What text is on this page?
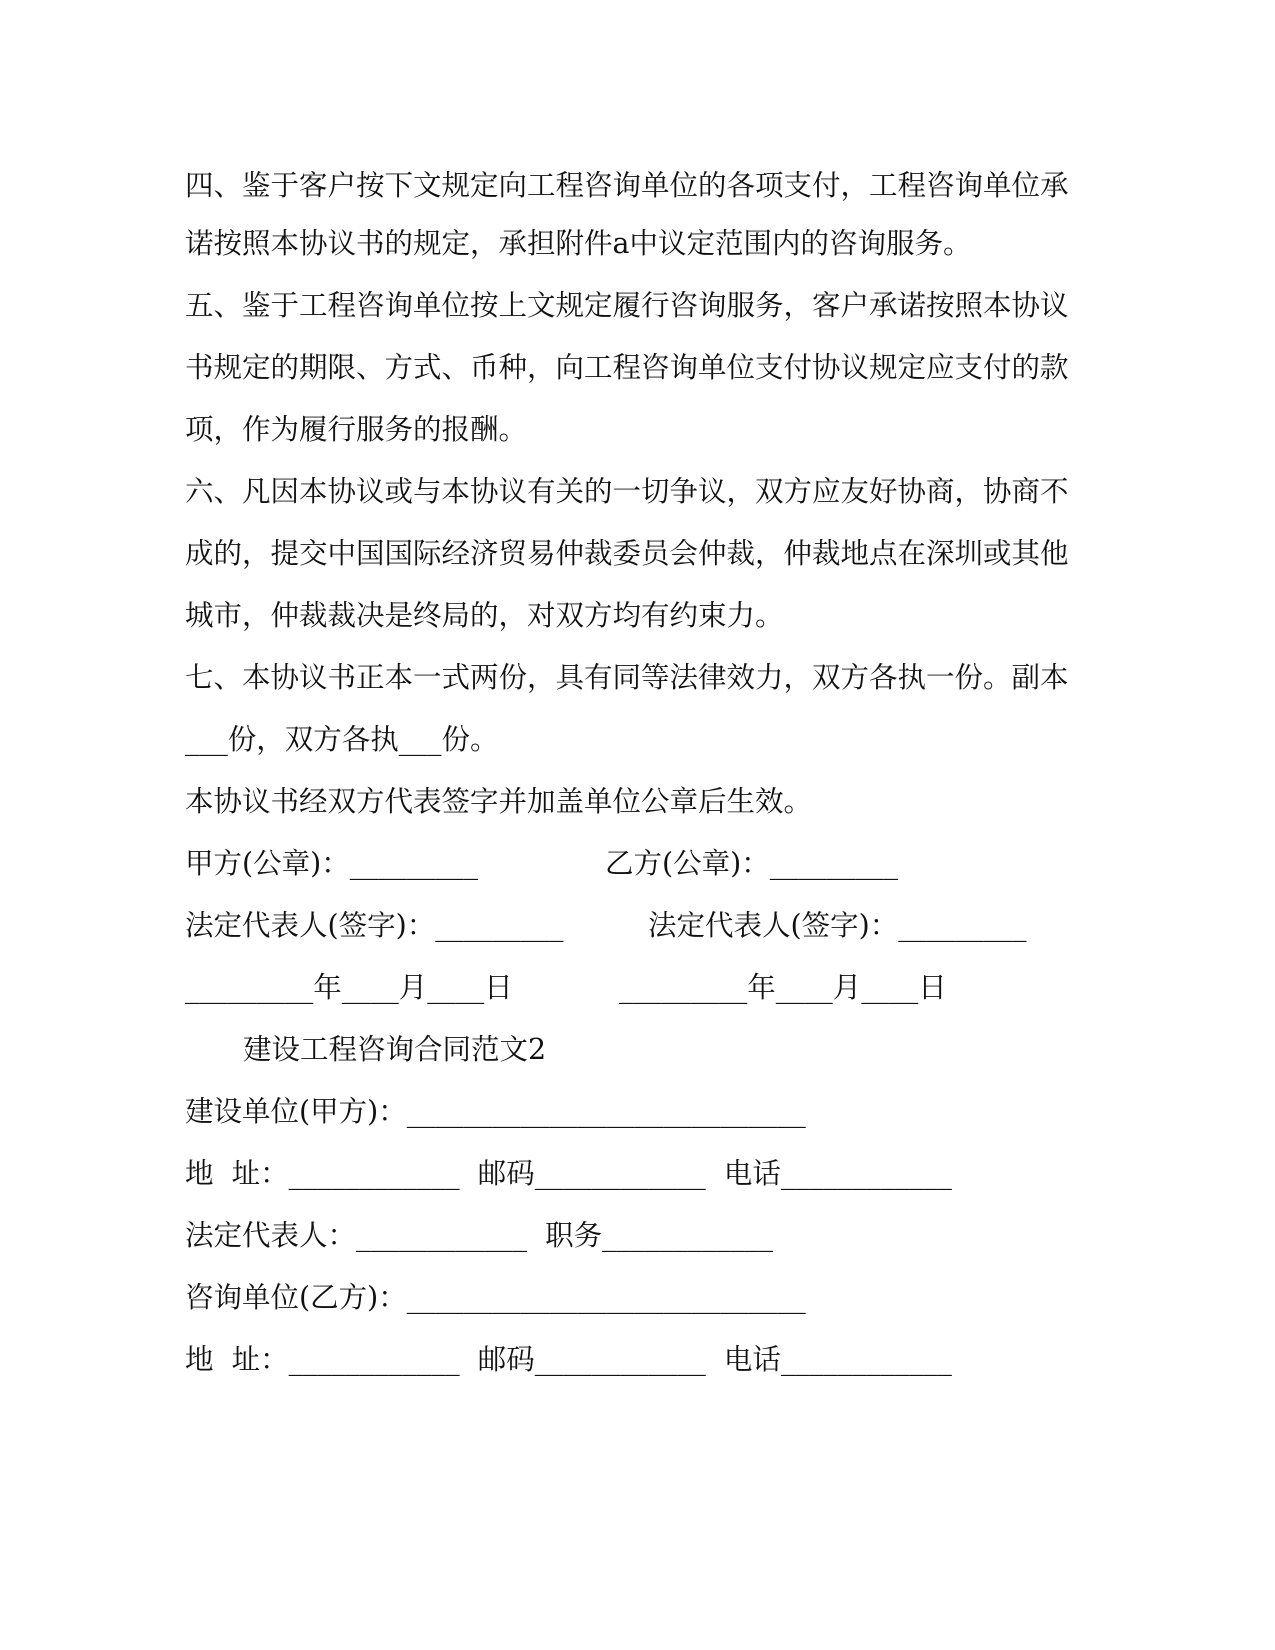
四、鉴于客户按下文规定向工程咨询单位的各项支付，工程咨询单位承
诺按照本协议书的规定，承担附件a中议定范围内的咨询服务。
五、鉴于工程咨询单位按上文规定履行咨询服务，客户承诺按照本协议
书规定的期限、方式、币种，向工程咨询单位支付协议规定应支付的款
项，作为履行服务的报酬。
六、凡因本协议或与本协议有关的一切争议，双方应友好协商，协商不
成的，提交中国国际经济贸易仲裁委员会仲裁，仲裁地点在深圳或其他
城市，仲裁裁决是终局的，对双方均有约束力。
七、本协议书正本一式两份，具有同等法律效力，双方各执一份。副本
___份，双方各执___份。
本协议书经双方代表签字并加盖单位公章后生效。
甲方(公章)：_________	乙方(公章)：_________
法定代表人(签字)：_________	法定代表人(签字)：_________
_________年____月____日	_________年____月____日
建设工程咨询合同范文2
建设单位(甲方)：____________________________
地  址：____________  邮码____________  电话____________
法定代表人：____________  职务____________
咨询单位(乙方)：____________________________
地  址：____________  邮码____________  电话____________
